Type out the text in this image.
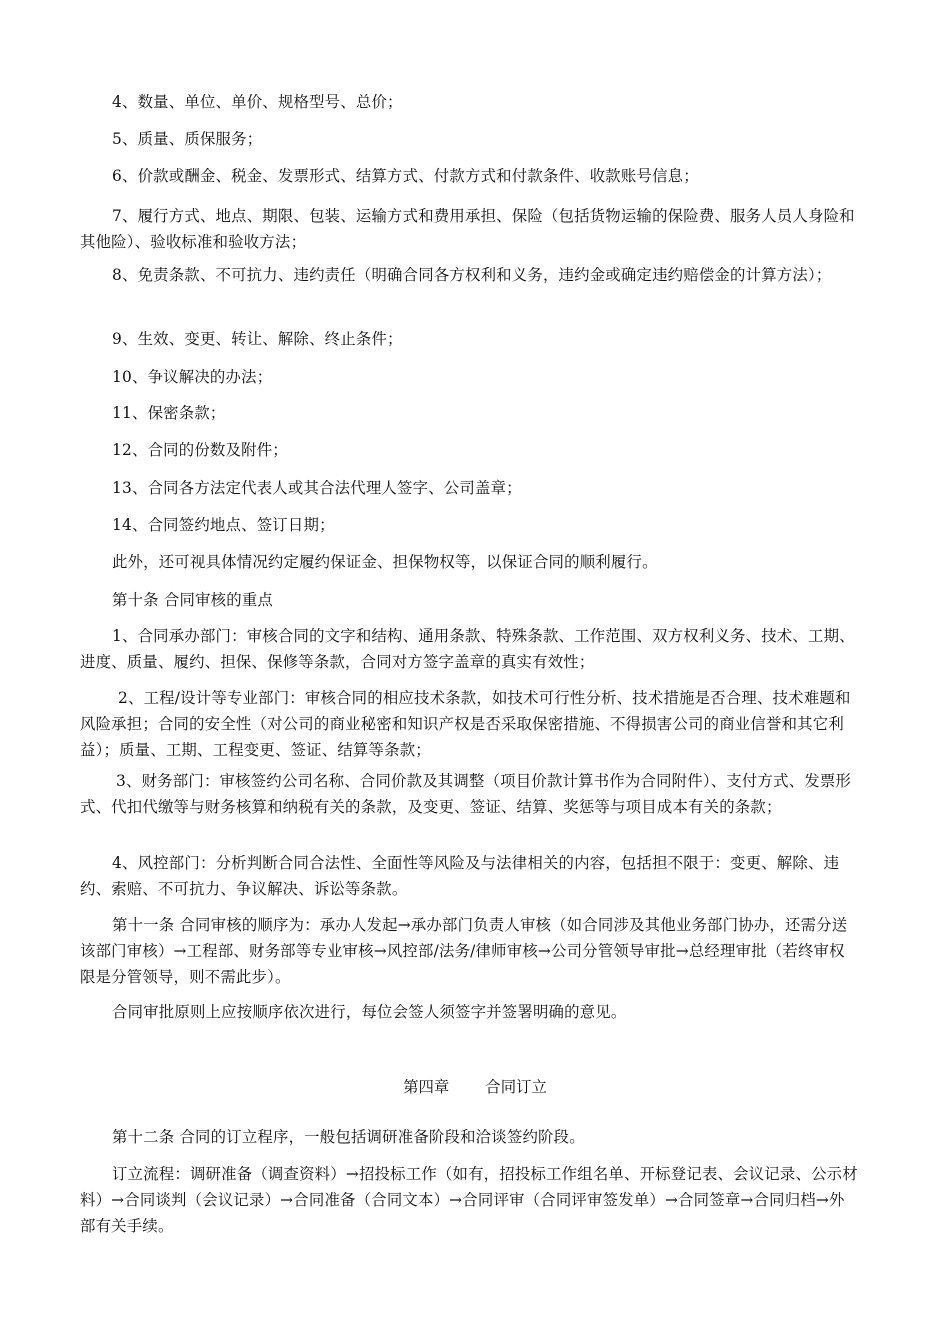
4、数量、单位、单价、规格型号、总价；
5、质量、质保服务；
6、价款或酬金、税金、发票形式、结算方式、付款方式和付款条件、收款账号信息；
7、履行方式、地点、期限、包装、运输方式和费用承担、保险（包括货物运输的保险费、服务人员人身险和其他险）、验收标准和验收方法；
8、免责条款、不可抗力、违约责任（明确合同各方权利和义务，违约金或确定违约赔偿金的计算方法）；
9、生效、变更、转让、解除、终止条件；
10、争议解决的办法；
11、保密条款；
12、合同的份数及附件；
13、合同各方法定代表人或其合法代理人签字、公司盖章；
14、合同签约地点、签订日期；
此外，还可视具体情况约定履约保证金、担保物权等，以保证合同的顺利履行。
第十条 合同审核的重点
1、合同承办部门：审核合同的文字和结构、通用条款、特殊条款、工作范围、双方权利义务、技术、工期、进度、质量、履约、担保、保修等条款，合同对方签字盖章的真实有效性；
2、工程/设计等专业部门：审核合同的相应技术条款，如技术可行性分析、技术措施是否合理、技术难题和风险承担；合同的安全性（对公司的商业秘密和知识产权是否采取保密措施、不得损害公司的商业信誉和其它利益）；质量、工期、工程变更、签证、结算等条款；
3、财务部门：审核签约公司名称、合同价款及其调整（项目价款计算书作为合同附件）、支付方式、发票形式、代扣代缴等与财务核算和纳税有关的条款，及变更、签证、结算、奖惩等与项目成本有关的条款；
4、风控部门：分析判断合同合法性、全面性等风险及与法律相关的内容，包括担不限于：变更、解除、违约、索赔、不可抗力、争议解决、诉讼等条款。
第十一条 合同审核的顺序为：承办人发起→承办部门负责人审核（如合同涉及其他业务部门协办，还需分送该部门审核）→工程部、财务部等专业审核→风控部/法务/律师审核→公司分管领导审批→总经理审批（若终审权限是分管领导，则不需此步）。
合同审批原则上应按顺序依次进行，每位会签人须签字并签署明确的意见。
第四章 合同订立
第十二条 合同的订立程序，一般包括调研准备阶段和洽谈签约阶段。
订立流程：调研准备（调查资料）→招投标工作（如有，招投标工作组名单、开标登记表、会议记录、公示材料）→合同谈判（会议记录）→合同准备（合同文本）→合同评审（合同评审签发单）→合同签章→合同归档→外部有关手续。
